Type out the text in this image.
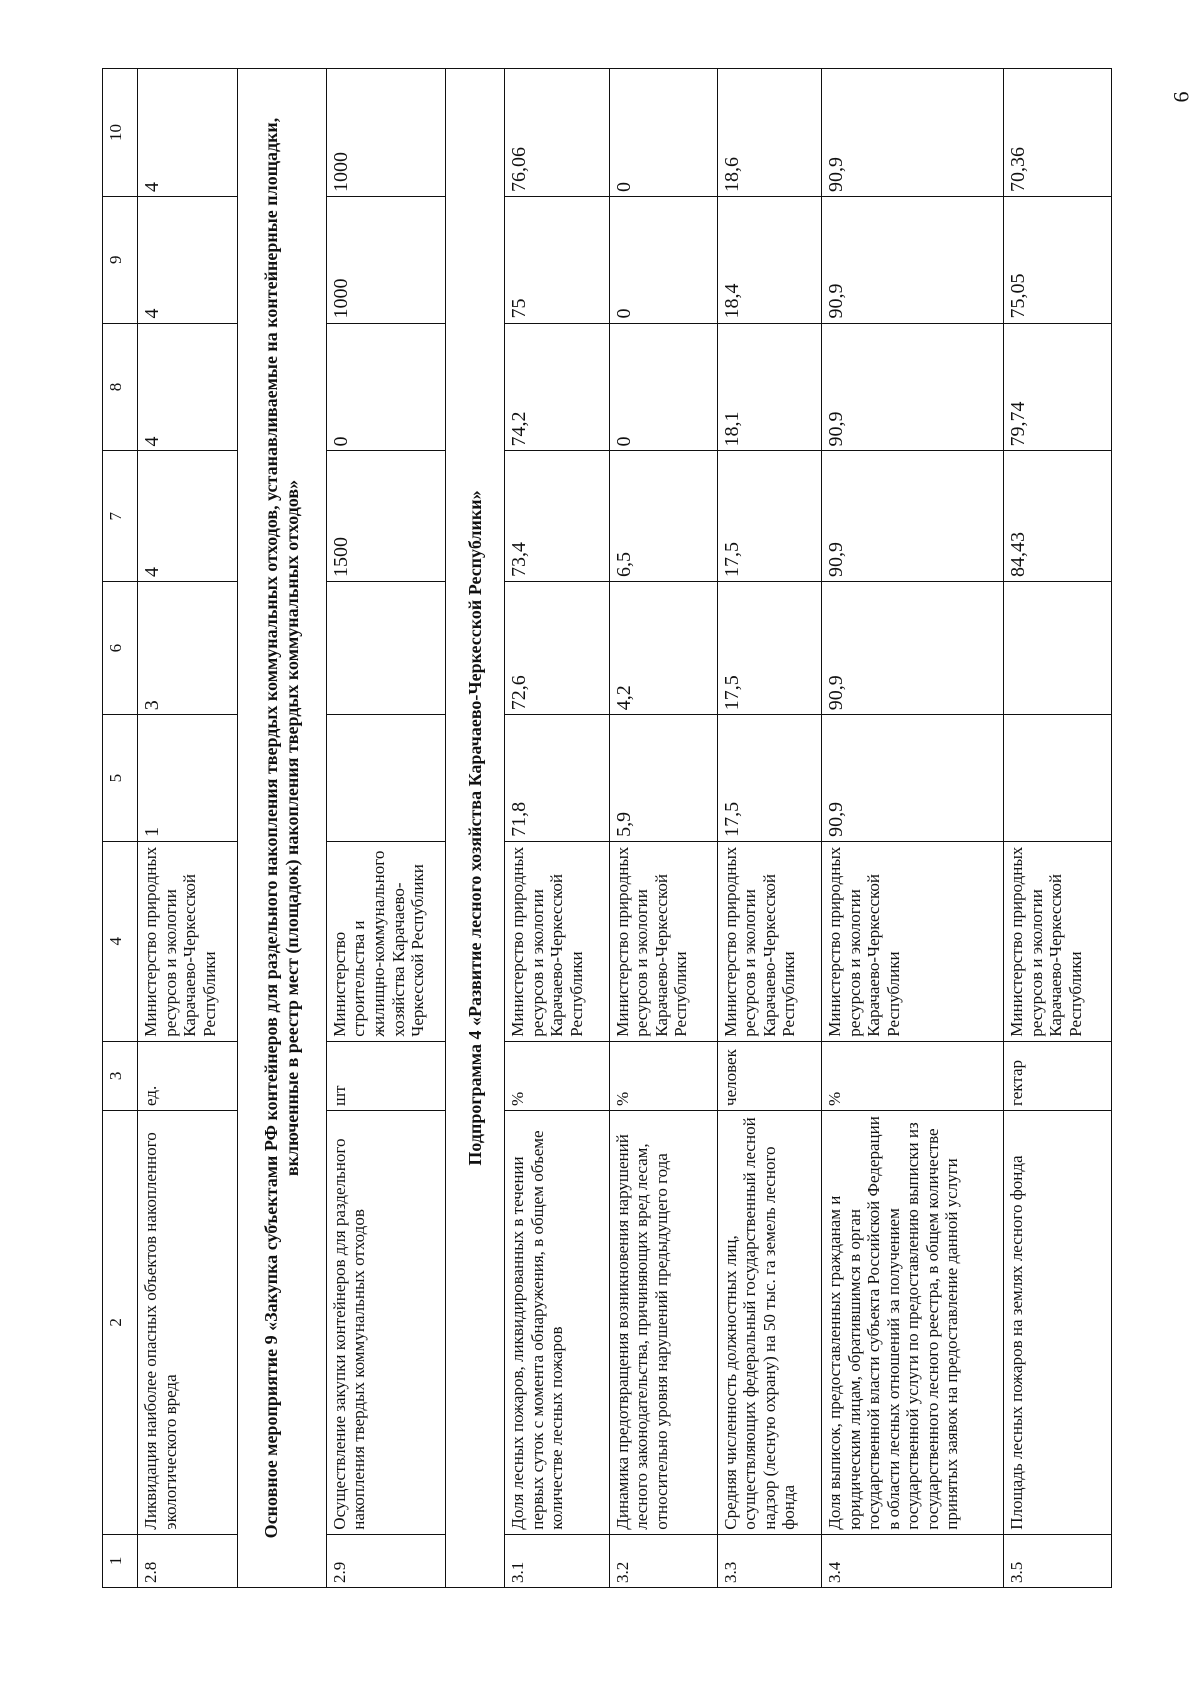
6
1	2	3	4	5	6	7	8	9	10
2.8	Ликвидация наиболее опасных объектов накопленного экологического вреда	ед.	Министерство природных ресурсов и экологии Карачаево-Черкесской Республики	1	3	4	4	4	4
Основное мероприятие 9 «Закупка субъектами РФ контейнеров для раздельного накопления твердых коммунальных отходов, устанавливаемые на контейнерные площадки, включенные в реестр мест (площадок) накопления твердых коммунальных отходов»									
2.9	Осуществление закупки контейнеров для раздельного накопления твердых коммунальных отходов	шт	Министерство строительства и жилищно-коммунального хозяйства Карачаево-Черкесской Республики			1500	0	1000	1000
Подпрограмма 4 «Развитие лесного хозяйства Карачаево-Черкесской Республики»									
3.1	Доля лесных пожаров, ликвидированных в течении первых суток с момента обнаружения, в общем объеме количестве лесных пожаров	%	Министерство природных ресурсов и экологии Карачаево-Черкесской Республики	71,8	72,6	73,4	74,2	75	76,06
3.2	Динамика предотвращения возникновения нарушений лесного законодательства, причиняющих вред лесам, относительно уровня нарушений предыдущего года	%	Министерство природных ресурсов и экологии Карачаево-Черкесской Республики	5,9	4,2	6,5	0	0	0
3.3	Средняя численность должностных лиц, осуществляющих федеральный государственный лесной надзор (лесную охрану) на 50 тыс. га земель лесного фонда	человек	Министерство природных ресурсов и экологии Карачаево-Черкесской Республики	17,5	17,5	17,5	18,1	18,4	18,6
3.4	Доля выписок, предоставленных гражданам и юридическим лицам, обратившимся в орган государственной власти субъекта Российской Федерации в области лесных отношений за получением государственной услуги по предоставлению выписки из государственного лесного реестра, в общем количестве принятых заявок на предоставление данной услуги	%	Министерство природных ресурсов и экологии Карачаево-Черкесской Республики	90,9	90,9	90,9	90,9	90,9	90,9
3.5	Площадь лесных пожаров на землях лесного фонда	гектар	Министерство природных ресурсов и экологии Карачаево-Черкесской Республики			84,43	79,74	75,05	70,36
